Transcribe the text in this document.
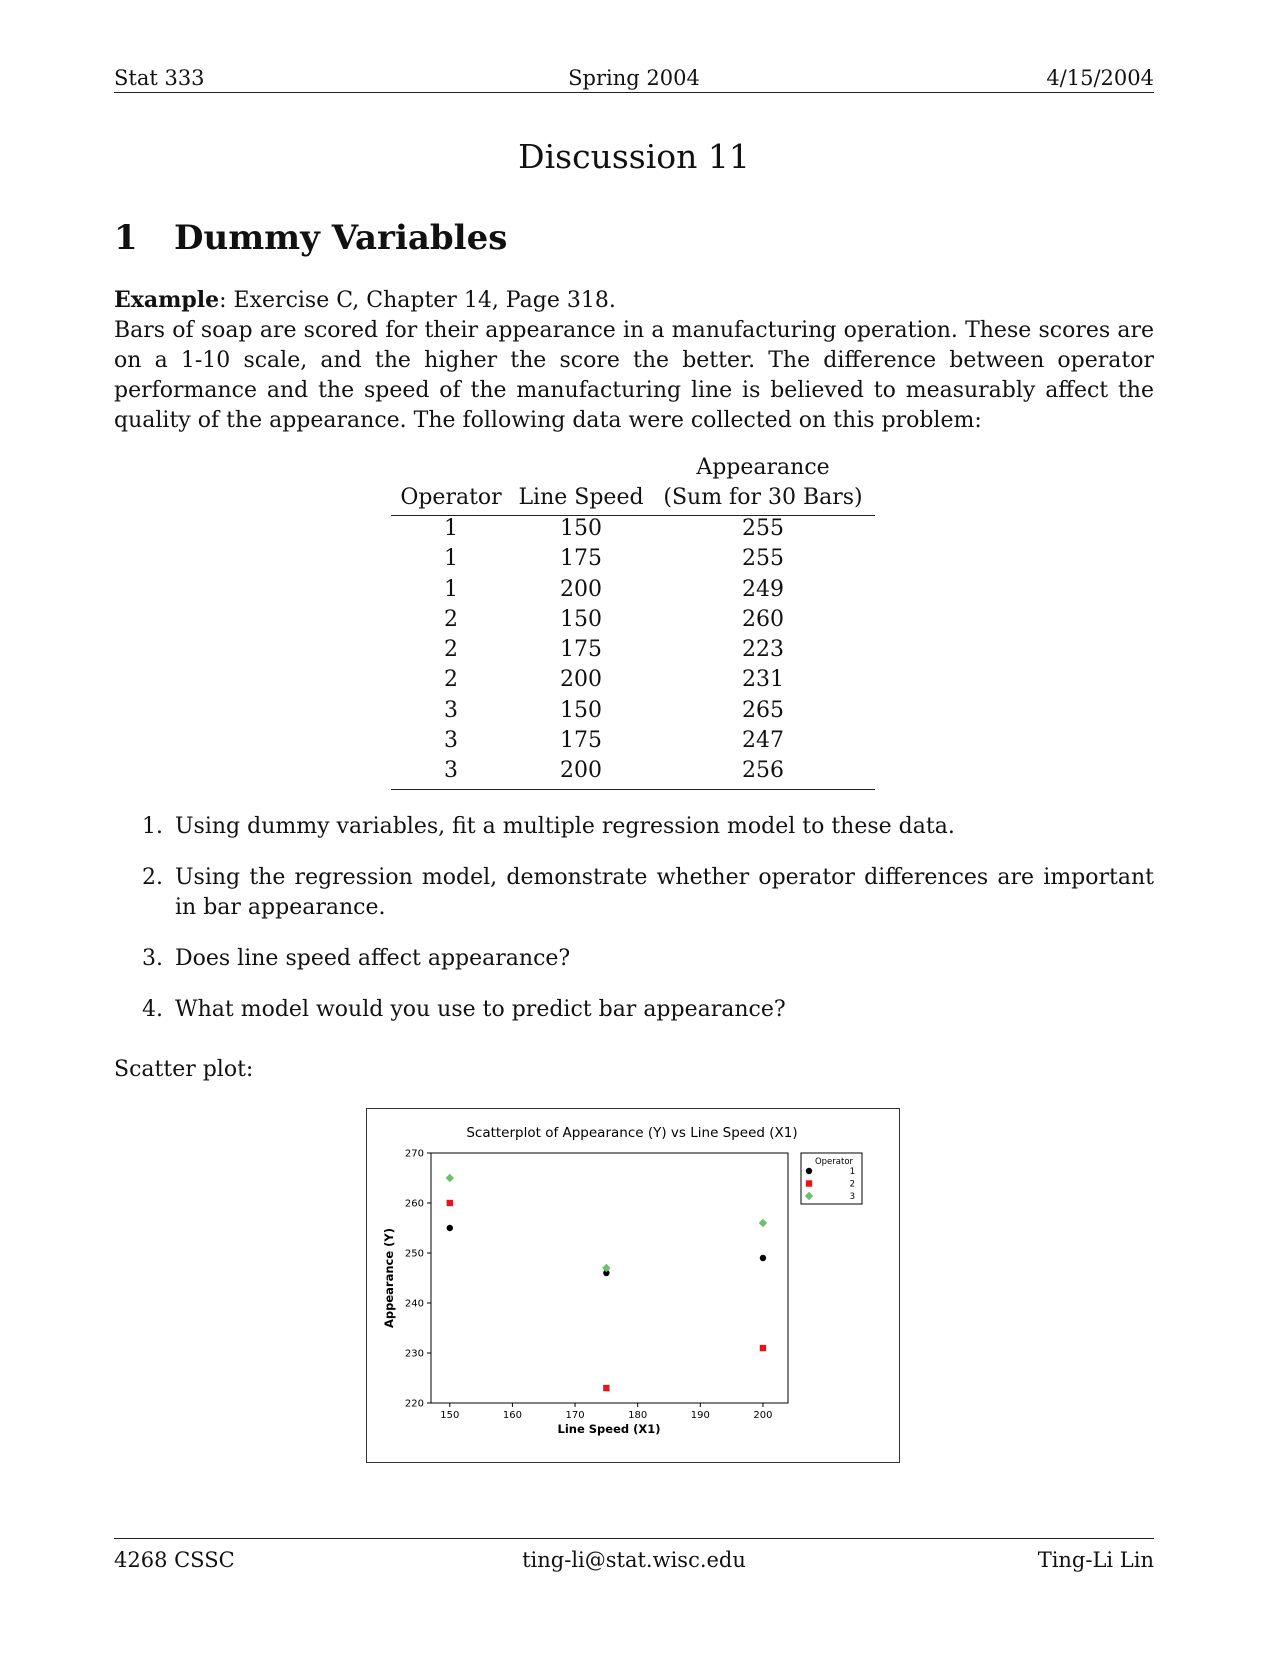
Stat 333	Spring 2004	4/15/2004
Discussion 11
1 Dummy Variables
Example: Exercise C, Chapter 14, Page 318.
Bars of soap are scored for their appearance in a manufacturing operation. These scores are on a 1-10 scale, and the higher the score the better. The difference between operator performance and the speed of the manufacturing line is believed to measurably affect the quality of the appearance. The following data were collected on this problem:
Appearance
Operator Line Speed (Sum for 30 Bars)
1	150	255
1	175	255
1	200	249
2	150	260
2	175	223
2	200	231
3	150	265
3	175	247
3	200	256
1. Using dummy variables, fit a multiple regression model to these data.
2. Using the regression model, demonstrate whether operator differences are important in bar appearance.
3. Does line speed affect appearance?
4. What model would you use to predict bar appearance?
Scatter plot:
Scatterplot of Appearance (Y) vs Line Speed (X1)
150	160	170	180	190	200
220
230
240
250
260
270
Line Speed (X1)
Appearance (Y)
Operator
1
2
3
4268 CSSC	ting-li@stat.wisc.edu	Ting-Li Lin
